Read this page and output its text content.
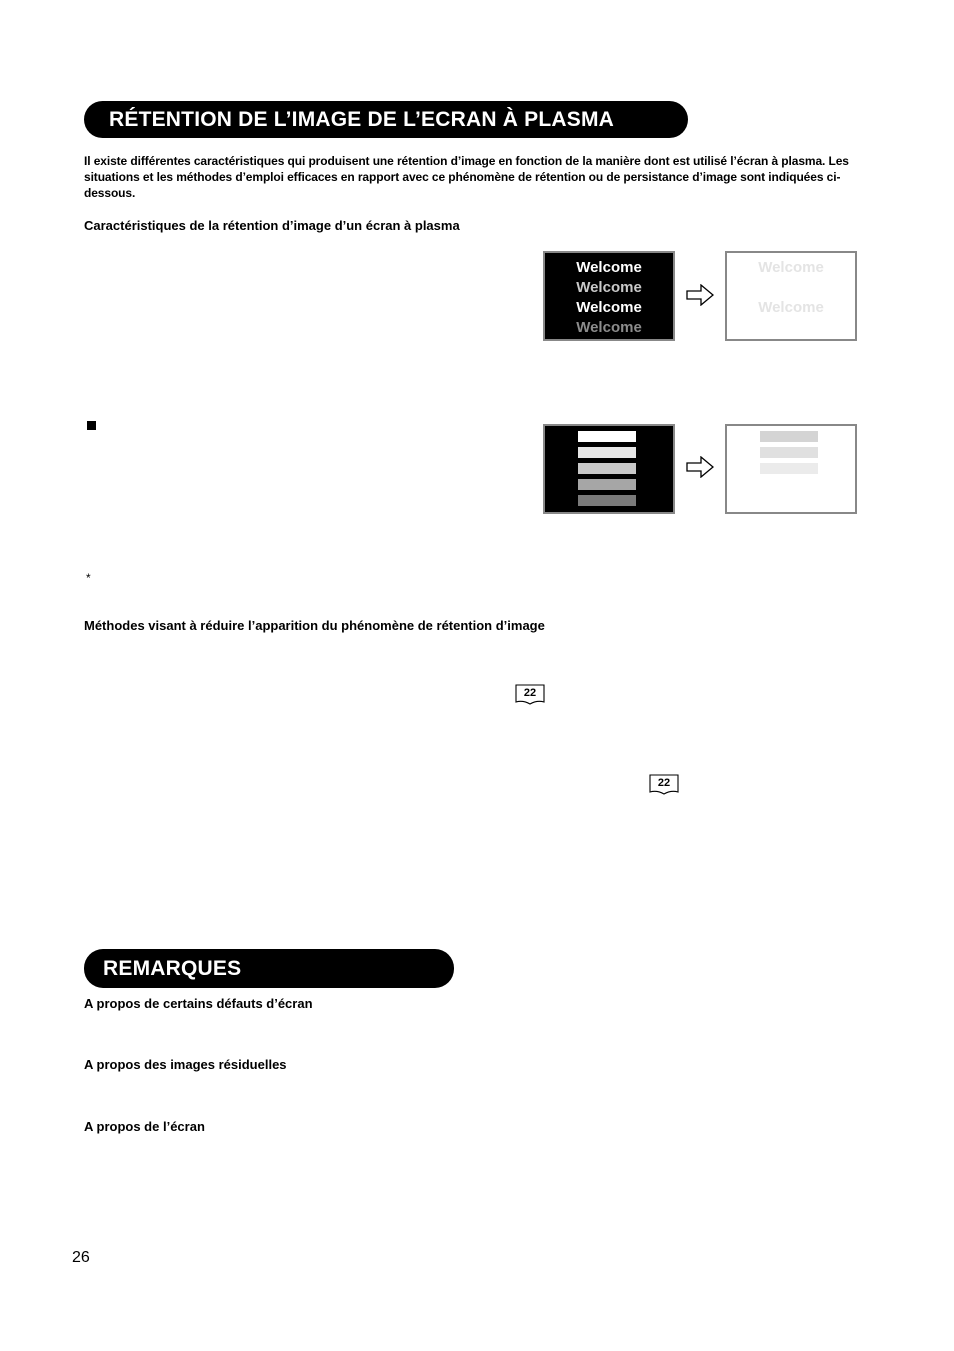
RÉTENTION DE L’IMAGE DE L’ECRAN À PLASMA
Il existe différentes caractéristiques qui produisent une rétention d’image en fonction de la manière dont est utilisé l’écran à plasma. Les situations et les méthodes d’emploi efficaces en rapport avec ce phénomène de rétention ou de persistance d’image sont indiquées ci-dessous.
Caractéristiques de la rétention d’image d’un écran à plasma
Welcome
Welcome
Welcome
Welcome
Welcome
Welcome
*
Méthodes visant à réduire l’apparition du phénomène de rétention d’image
22
22
REMARQUES
A propos de certains défauts d’écran
A propos des images résiduelles
A propos de l’écran
26
